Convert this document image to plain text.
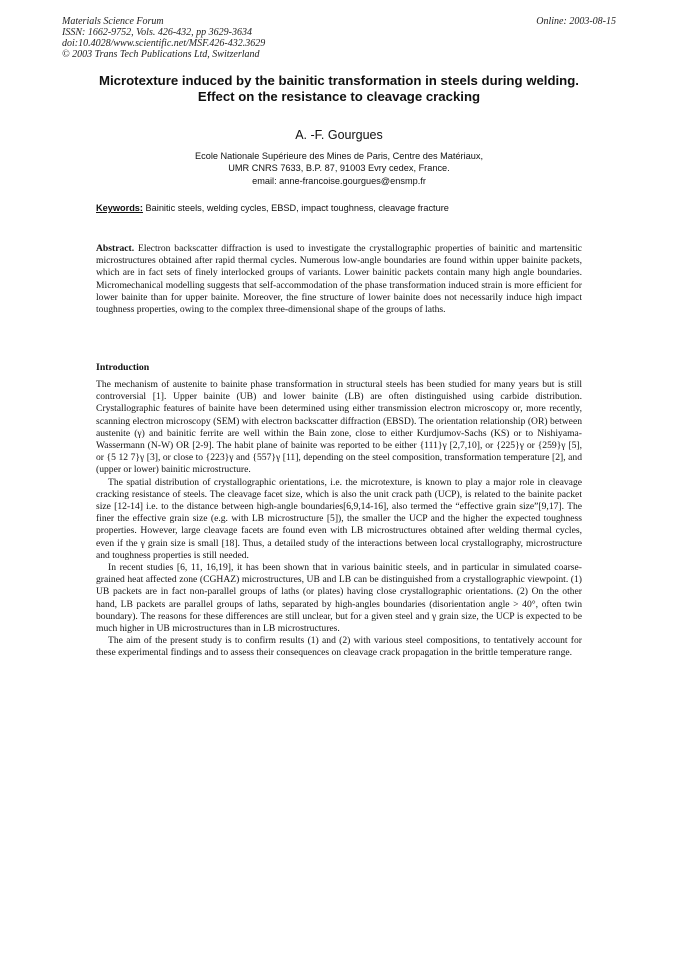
Materials Science Forum
ISSN: 1662-9752, Vols. 426-432, pp 3629-3634
doi:10.4028/www.scientific.net/MSF.426-432.3629
© 2003 Trans Tech Publications Ltd, Switzerland
Online: 2003-08-15
Microtexture induced by the bainitic transformation in steels during welding. Effect on the resistance to cleavage cracking
A. -F. Gourgues
Ecole Nationale Supérieure des Mines de Paris, Centre des Matériaux,
UMR CNRS 7633, B.P. 87, 91003 Evry cedex, France.
email: anne-francoise.gourgues@ensmp.fr
Keywords: Bainitic steels, welding cycles, EBSD, impact toughness, cleavage fracture

Abstract. Electron backscatter diffraction is used to investigate the crystallographic properties of bainitic and martensitic microstructures obtained after rapid thermal cycles. Numerous low-angle boundaries are found within upper bainite packets, which are in fact sets of finely interlocked groups of variants. Lower bainitic packets contain many high angle boundaries. Micromechanical modelling suggests that self-accommodation of the phase transformation induced strain is more efficient for lower bainite than for upper bainite. Moreover, the fine structure of lower bainite does not necessarily induce high impact toughness properties, owing to the complex three-dimensional shape of the groups of laths.

Introduction

The mechanism of austenite to bainite phase transformation in structural steels has been studied for many years but is still controversial [1]. Upper bainite (UB) and lower bainite (LB) are often distinguished using carbide distribution. Crystallographic features of bainite have been determined using either transmission electron microscopy or, more recently, scanning electron microscopy (SEM) with electron backscatter diffraction (EBSD). The orientation relationship (OR) between austenite (γ) and bainitic ferrite are well within the Bain zone, close to either Kurdjumov-Sachs (KS) or to Nishiyama-Wassermann (N-W) OR [2-9]. The habit plane of bainite was reported to be either {111}γ [2,7,10], or {225}γ or {259}γ [5], or {5 12 7}γ [3], or close to {223}γ and {557}γ [11], depending on the steel composition, transformation temperature [2], and (upper or lower) bainitic microstructure.

The spatial distribution of crystallographic orientations, i.e. the microtexture, is known to play a major role in cleavage cracking resistance of steels. The cleavage facet size, which is also the unit crack path (UCP), is related to the bainite packet size [12-14] i.e. to the distance between high-angle boundaries[6,9,14-16], also termed the “effective grain size”[9,17]. The finer the effective grain size (e.g. with LB microstructure [5]), the smaller the UCP and the higher the expected toughness properties. However, large cleavage facets are found even with LB microstructures obtained after welding thermal cycles, even if the γ grain size is small [18]. Thus, a detailed study of the interactions between local crystallography, microstructure and toughness properties is still needed.

In recent studies [6, 11, 16,19], it has been shown that in various bainitic steels, and in particular in simulated coarse-grained heat affected zone (CGHAZ) microstructures, UB and LB can be distinguished from a crystallographic viewpoint. (1) UB packets are in fact non-parallel groups of laths (or plates) having close crystallographic orientations. (2) On the other hand, LB packets are parallel groups of laths, separated by high-angles boundaries (disorientation angle > 40°, often twin boundary). The reasons for these differences are still unclear, but for a given steel and γ grain size, the UCP is expected to be much higher in UB microstructures than in LB microstructures.

The aim of the present study is to confirm results (1) and (2) with various steel compositions, to tentatively account for these experimental findings and to assess their consequences on cleavage crack propagation in the brittle temperature range.
